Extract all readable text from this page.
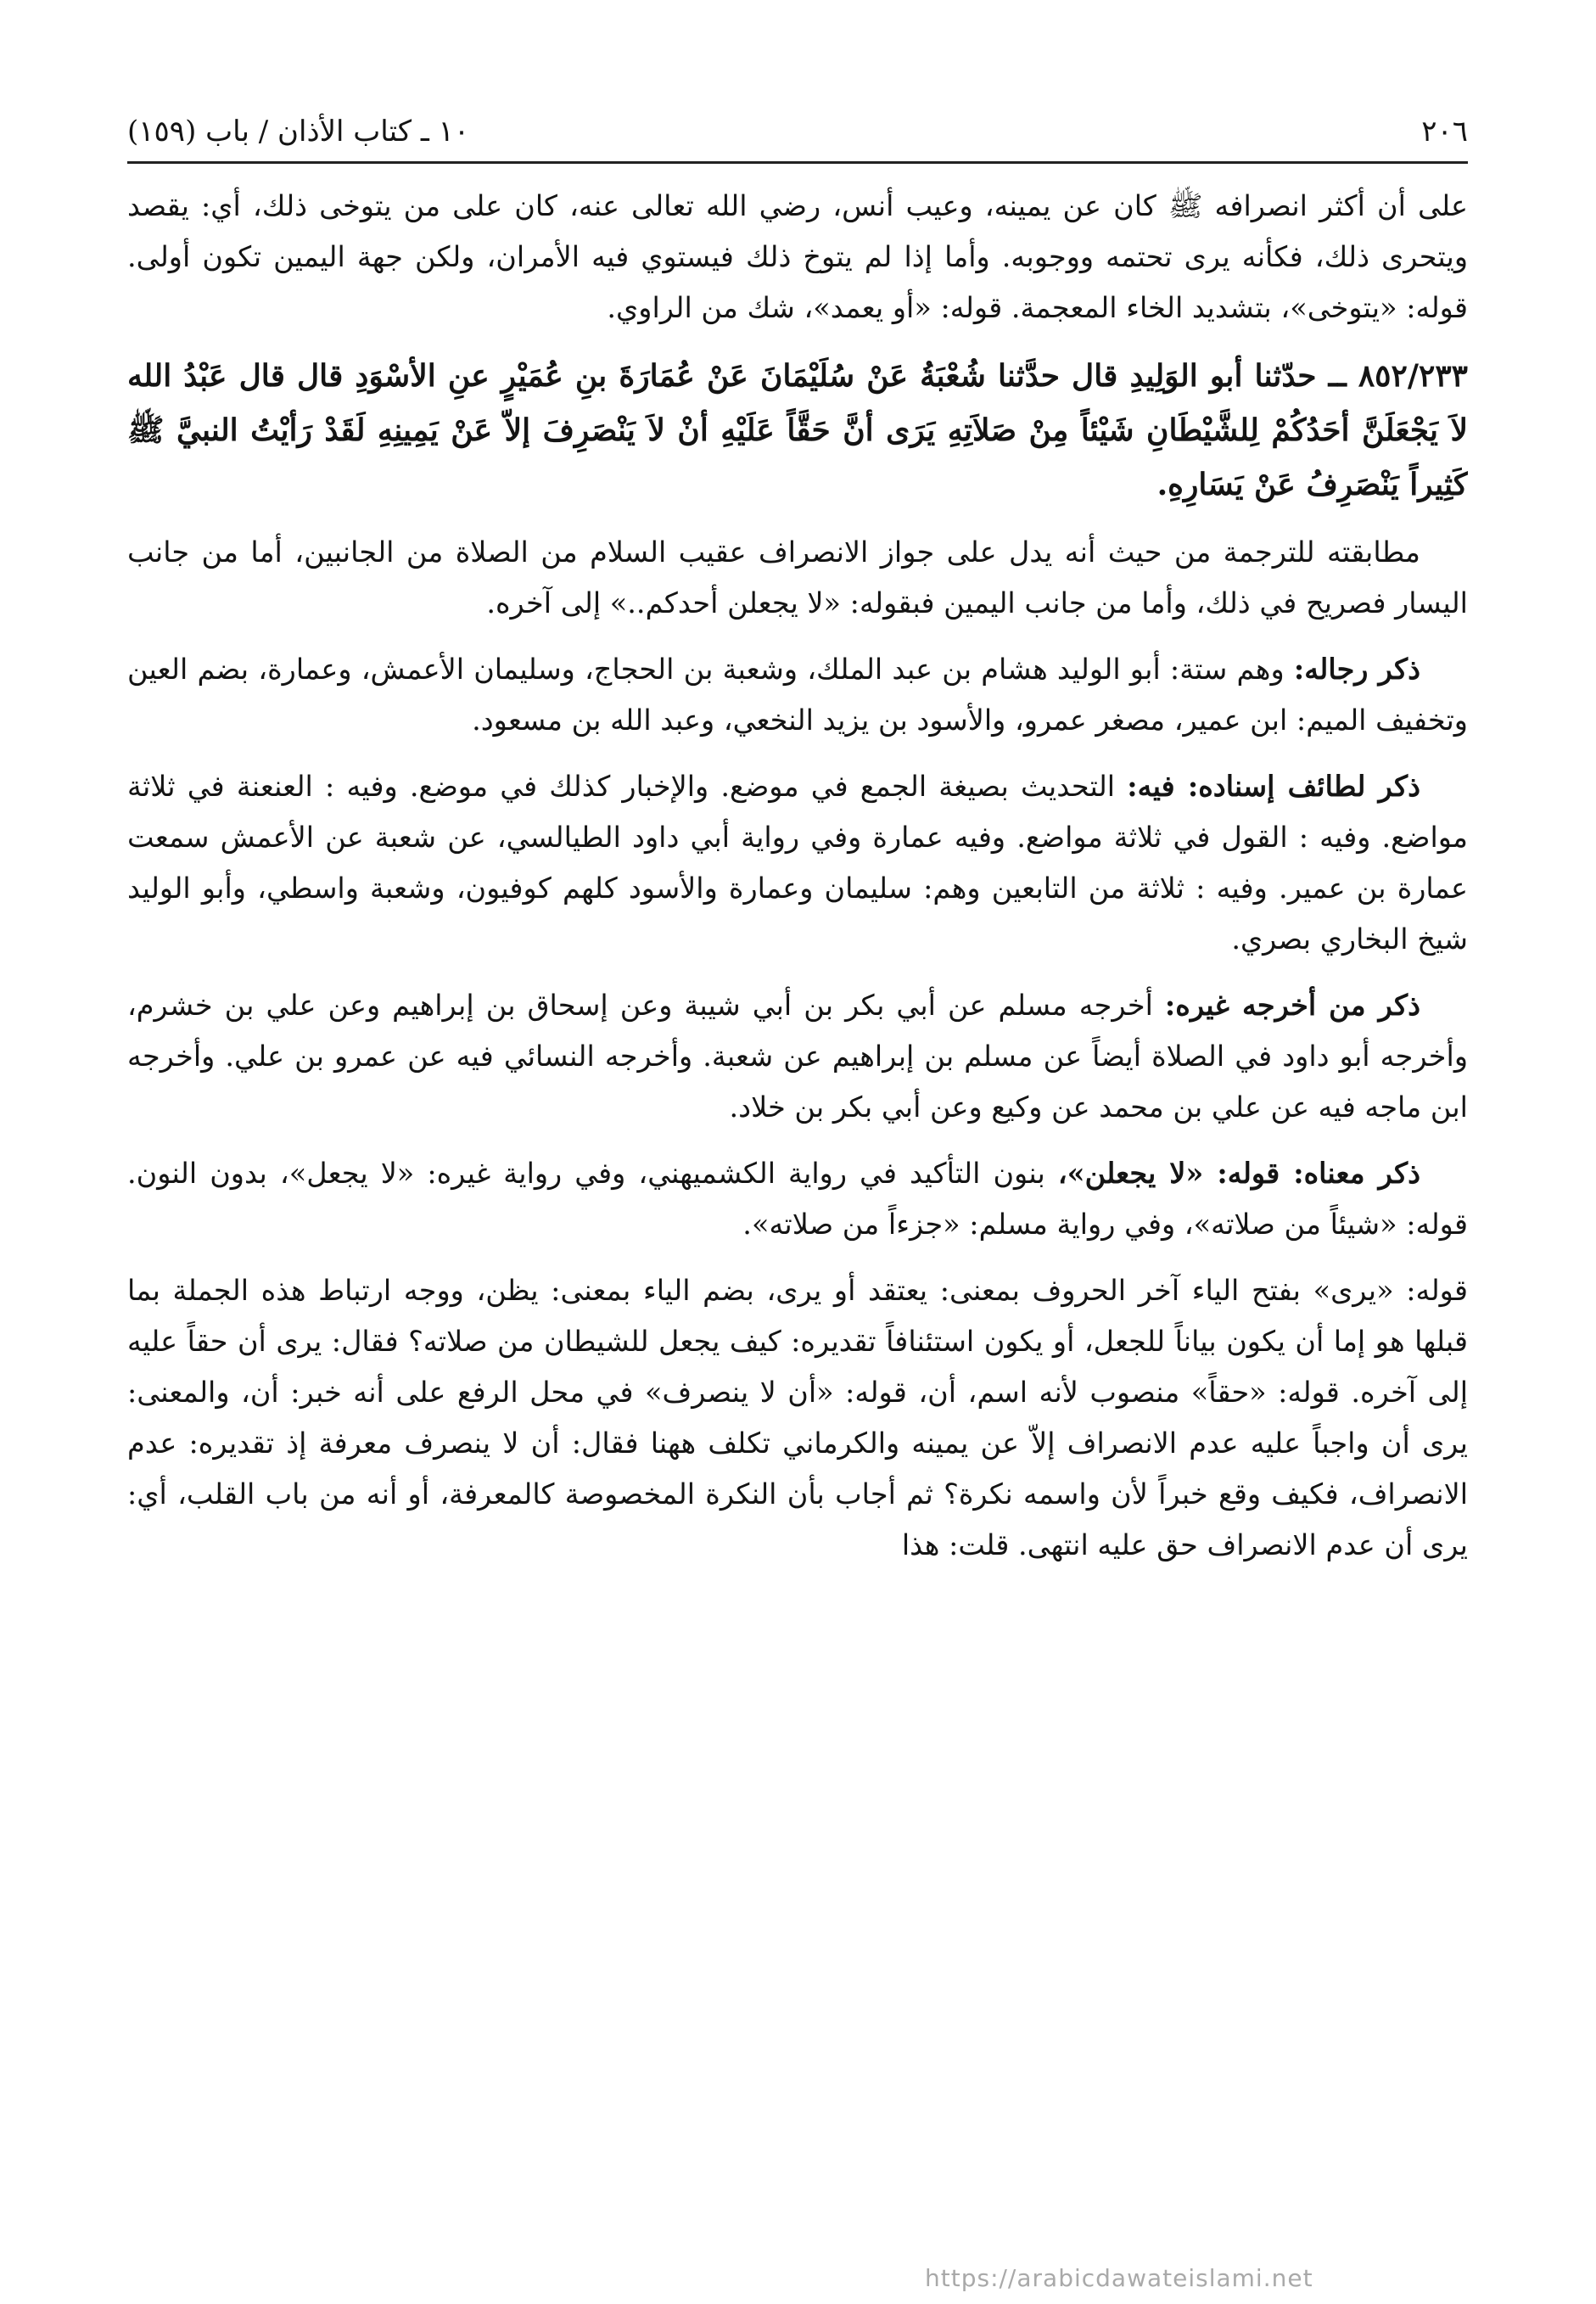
٢٠٦
١٠ ـ كتاب الأذان / باب (١٥٩)

على أن أكثر انصرافه ﷺ كان عن يمينه، وعيب أنس، رضي الله تعالى عنه، كان على من يتوخى ذلك، أي: يقصد ويتحرى ذلك، فكأنه يرى تحتمه ووجوبه. وأما إذا لم يتوخ ذلك فيستوي فيه الأمران، ولكن جهة اليمين تكون أولى. قوله: «يتوخى»، بتشديد الخاء المعجمة. قوله: «أو يعمد»، شك من الراوي.

٨٥٢/٢٣٣ ــ حدّثنا أبو الوَلِيدِ قال حدَّثنا شُعْبَةُ عَنْ سُلَيْمَانَ عَنْ عُمَارَةَ بنِ عُمَيْرٍ عنِ الأسْوَدِ قال قال عَبْدُ الله لاَ يَجْعَلَنَّ أحَدُكُمْ لِلشَّيْطَانِ شَيْئاً مِنْ صَلاَتِهِ يَرَى أنَّ حَقَّاً عَلَيْهِ أنْ لاَ يَنْصَرِفَ إلاّ عَنْ يَمِينِهِ لَقَدْ رَأيْتُ النبيَّ ﷺ كَثِيراً يَنْصَرِفُ عَنْ يَسَارِهِ.

مطابقته للترجمة من حيث أنه يدل على جواز الانصراف عقيب السلام من الصلاة من الجانبين، أما من جانب اليسار فصريح في ذلك، وأما من جانب اليمين فبقوله: «لا يجعلن أحدكم..» إلى آخره.

ذكر رجاله: وهم ستة: أبو الوليد هشام بن عبد الملك، وشعبة بن الحجاج، وسليمان الأعمش، وعمارة، بضم العين وتخفيف الميم: ابن عمير، مصغر عمرو، والأسود بن يزيد النخعي، وعبد الله بن مسعود.

ذكر لطائف إسناده: فيه: التحديث بصيغة الجمع في موضع. والإخبار كذلك في موضع. وفيه : العنعنة في ثلاثة مواضع. وفيه : القول في ثلاثة مواضع. وفيه عمارة وفي رواية أبي داود الطيالسي، عن شعبة عن الأعمش سمعت عمارة بن عمير. وفيه : ثلاثة من التابعين وهم: سليمان وعمارة والأسود كلهم كوفيون، وشعبة واسطي، وأبو الوليد شيخ البخاري بصري.

ذكر من أخرجه غيره: أخرجه مسلم عن أبي بكر بن أبي شيبة وعن إسحاق بن إبراهيم وعن علي بن خشرم، وأخرجه أبو داود في الصلاة أيضاً عن مسلم بن إبراهيم عن شعبة. وأخرجه النسائي فيه عن عمرو بن علي. وأخرجه ابن ماجه فيه عن علي بن محمد عن وكيع وعن أبي بكر بن خلاد.

ذكر معناه: قوله: «لا يجعلن»، بنون التأكيد في رواية الكشميهني، وفي رواية غيره: «لا يجعل»، بدون النون. قوله: «شيئاً من صلاته»، وفي رواية مسلم: «جزءاً من صلاته».

قوله: «يرى» بفتح الياء آخر الحروف بمعنى: يعتقد أو يرى، بضم الياء بمعنى: يظن، ووجه ارتباط هذه الجملة بما قبلها هو إما أن يكون بياناً للجعل، أو يكون استئنافاً تقديره: كيف يجعل للشيطان من صلاته؟ فقال: يرى أن حقاً عليه إلى آخره. قوله: «حقاً» منصوب لأنه اسم، أن، قوله: «أن لا ينصرف» في محل الرفع على أنه خبر: أن، والمعنى: يرى أن واجباً عليه عدم الانصراف إلاّ عن يمينه والكرماني تكلف ههنا فقال: أن لا ينصرف معرفة إذ تقديره: عدم الانصراف، فكيف وقع خبراً لأن واسمه نكرة؟ ثم أجاب بأن النكرة المخصوصة كالمعرفة، أو أنه من باب القلب، أي: يرى أن عدم الانصراف حق عليه انتهى. قلت: هذا

https://arabicdawateislami.net
